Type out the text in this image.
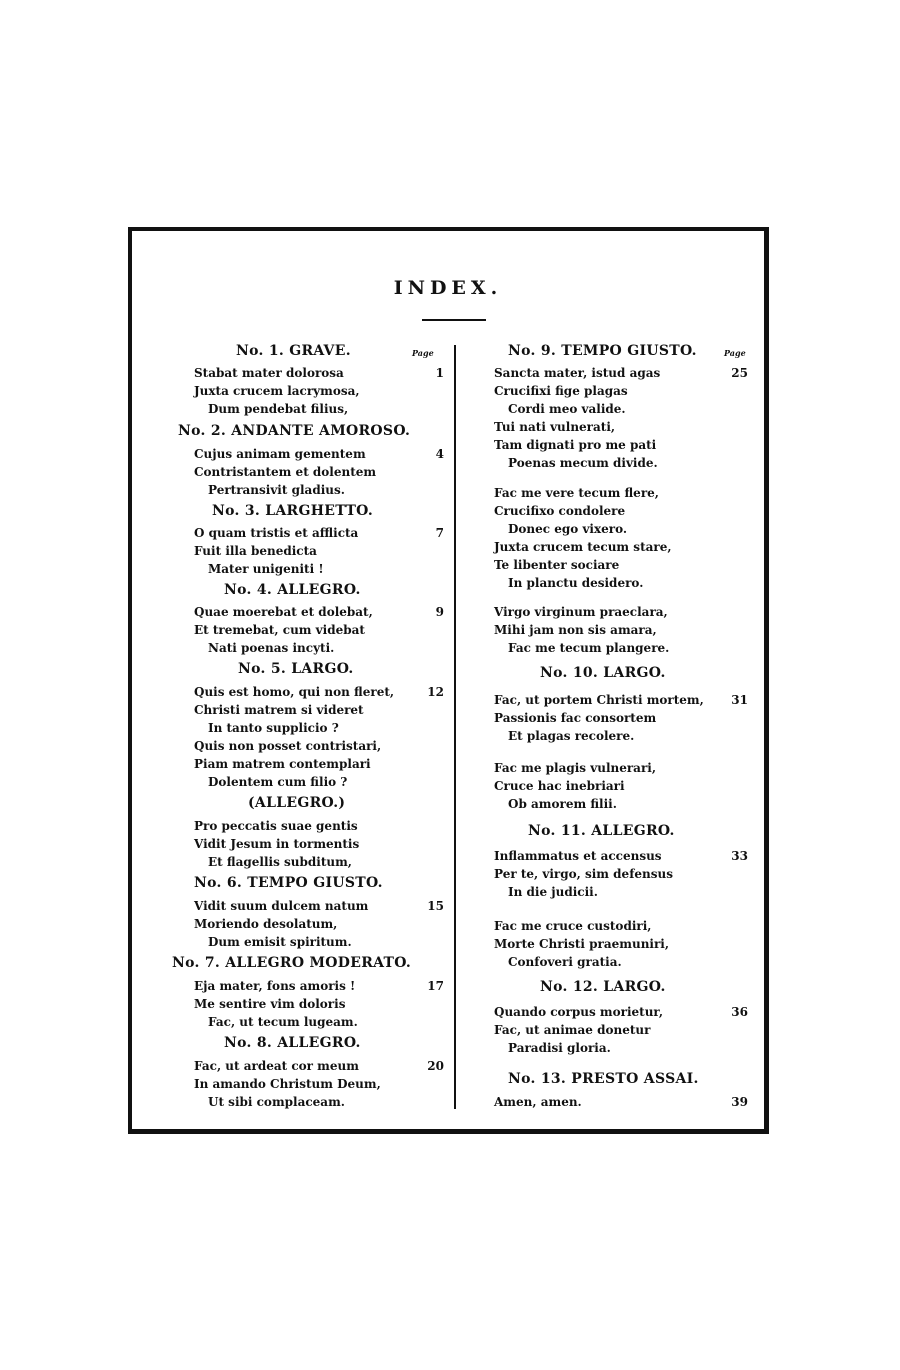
INDEX.
Page
No. 1. GRAVE.
Stabat mater dolorosa	1
Juxta crucem lacrymosa,
Dum pendebat filius,
No. 2. ANDANTE AMOROSO.
Cujus animam gementem	4
Contristantem et dolentem
Pertransivit gladius.
No. 3. LARGHETTO.
O quam tristis et afflicta	7
Fuit illa benedicta
Mater unigeniti !
No. 4. ALLEGRO.
Quae moerebat et dolebat,	9
Et tremebat, cum videbat
Nati poenas incyti.
No. 5. LARGO.
Quis est homo, qui non fleret,	12
Christi matrem si videret
In tanto supplicio ?
Quis non posset contristari,
Piam matrem contemplari
Dolentem cum filio ?
(ALLEGRO.)
Pro peccatis suae gentis
Vidit Jesum in tormentis
Et flagellis subditum,
No. 6. TEMPO GIUSTO.
Vidit suum dulcem natum	15
Moriendo desolatum,
Dum emisit spiritum.
No. 7. ALLEGRO MODERATO.
Eja mater, fons amoris !	17
Me sentire vim doloris
Fac, ut tecum lugeam.
No. 8. ALLEGRO.
Fac, ut ardeat cor meum	20
In amando Christum Deum,
Ut sibi complaceam.
Page
No. 9. TEMPO GIUSTO.
Sancta mater, istud agas	25
Crucifixi fige plagas
Cordi meo valide.
Tui nati vulnerati,
Tam dignati pro me pati
Poenas mecum divide.
Fac me vere tecum flere,
Crucifixo condolere
Donec ego vixero.
Juxta crucem tecum stare,
Te libenter sociare
In planctu desidero.
Virgo virginum praeclara,
Mihi jam non sis amara,
Fac me tecum plangere.
No. 10. LARGO.
Fac, ut portem Christi mortem,	31
Passionis fac consortem
Et plagas recolere.
Fac me plagis vulnerari,
Cruce hac inebriari
Ob amorem filii.
No. 11. ALLEGRO.
Inflammatus et accensus	33
Per te, virgo, sim defensus
In die judicii.
Fac me cruce custodiri,
Morte Christi praemuniri,
Confoveri gratia.
No. 12. LARGO.
Quando corpus morietur,	36
Fac, ut animae donetur
Paradisi gloria.
No. 13. PRESTO ASSAI.
Amen, amen.	39
